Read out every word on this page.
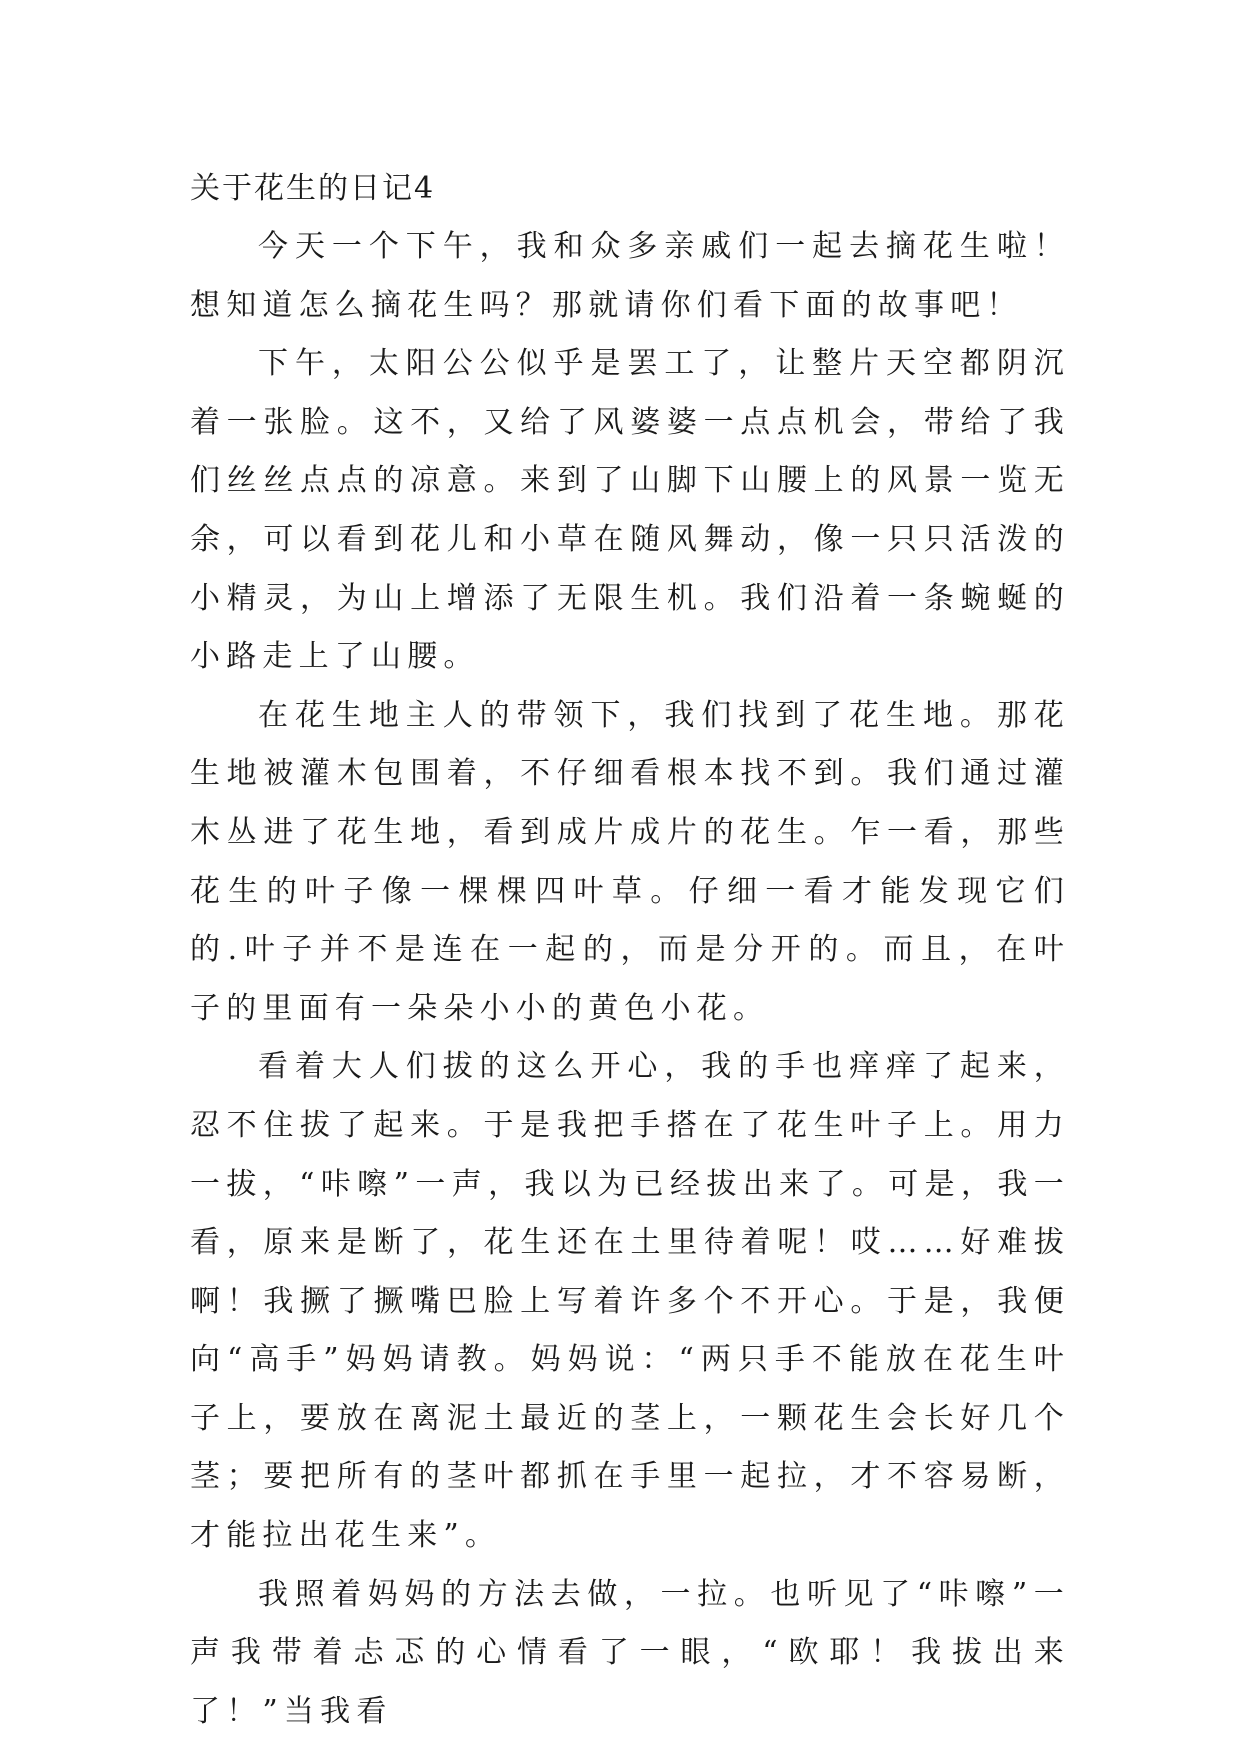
关于花生的日记4

今天一个下午，我和众多亲戚们一起去摘花生啦！想知道怎么摘花生吗？那就请你们看下面的故事吧！

下午，太阳公公似乎是罢工了，让整片天空都阴沉着一张脸。这不，又给了风婆婆一点点机会，带给了我们丝丝点点的凉意。来到了山脚下山腰上的风景一览无余，可以看到花儿和小草在随风舞动，像一只只活泼的小精灵，为山上增添了无限生机。我们沿着一条蜿蜒的小路走上了山腰。

在花生地主人的带领下，我们找到了花生地。那花生地被灌木包围着，不仔细看根本找不到。我们通过灌木丛进了花生地，看到成片成片的花生。乍一看，那些花生的叶子像一棵棵四叶草。仔细一看才能发现它们的.叶子并不是连在一起的，而是分开的。而且，在叶子的里面有一朵朵小小的黄色小花。

看着大人们拔的这么开心，我的手也痒痒了起来，忍不住拔了起来。于是我把手搭在了花生叶子上。用力一拔，“咔嚓”一声，我以为已经拔出来了。可是，我一看，原来是断了，花生还在土里待着呢！哎……好难拔啊！我撅了撅嘴巴脸上写着许多个不开心。于是，我便向“高手”妈妈请教。妈妈说：“两只手不能放在花生叶子上，要放在离泥土最近的茎上，一颗花生会长好几个茎；要把所有的茎叶都抓在手里一起拉，才不容易断，才能拉出花生来”。

我照着妈妈的方法去做，一拉。也听见了“咔嚓”一声我带着忐忑的心情看了一眼，“欧耶！我拔出来了！”当我看
